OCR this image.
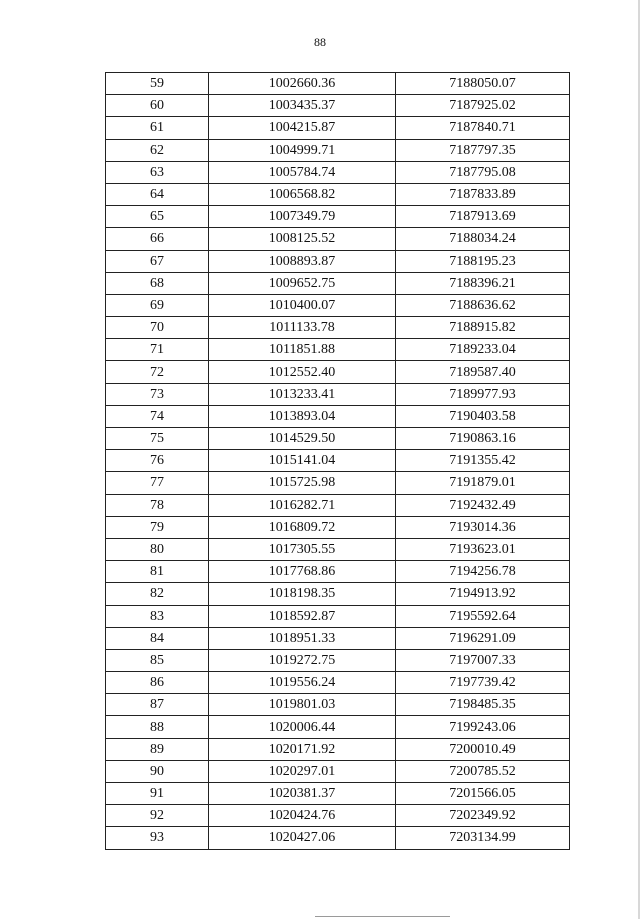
88
59	1002660.36	7188050.07
60	1003435.37	7187925.02
61	1004215.87	7187840.71
62	1004999.71	7187797.35
63	1005784.74	7187795.08
64	1006568.82	7187833.89
65	1007349.79	7187913.69
66	1008125.52	7188034.24
67	1008893.87	7188195.23
68	1009652.75	7188396.21
69	1010400.07	7188636.62
70	1011133.78	7188915.82
71	1011851.88	7189233.04
72	1012552.40	7189587.40
73	1013233.41	7189977.93
74	1013893.04	7190403.58
75	1014529.50	7190863.16
76	1015141.04	7191355.42
77	1015725.98	7191879.01
78	1016282.71	7192432.49
79	1016809.72	7193014.36
80	1017305.55	7193623.01
81	1017768.86	7194256.78
82	1018198.35	7194913.92
83	1018592.87	7195592.64
84	1018951.33	7196291.09
85	1019272.75	7197007.33
86	1019556.24	7197739.42
87	1019801.03	7198485.35
88	1020006.44	7199243.06
89	1020171.92	7200010.49
90	1020297.01	7200785.52
91	1020381.37	7201566.05
92	1020424.76	7202349.92
93	1020427.06	7203134.99
